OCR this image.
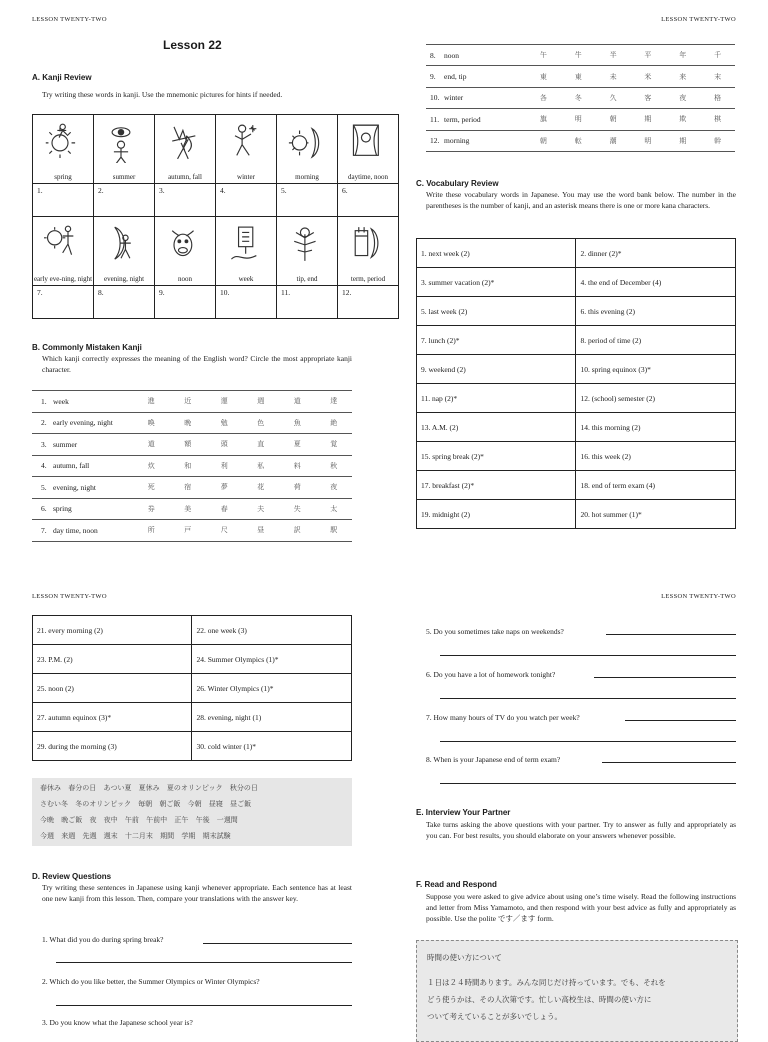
LESSON TWENTY-TWO
Lesson 22
A. Kanji Review
Try writing these words in kanji. Use the mnemonic pictures for hints if needed.
spring	summer	autumn, fall	winter	morning	daytime, noon

1.	2.	3.	4.	5.	6.

early eve-ning, night	evening, night	noon	week	tip, end	term, period

7.	8.	9.	10.	11.	12.
B. Commonly Mistaken Kanji
Which kanji correctly expresses the meaning of the English word? Circle the most appropriate kanji character.
1.	week	進	近	運	週	道	達
2.	early evening, night	喚	晩	勉	色	魚	絶
3.	summer	道	額	頭	直	夏	覚
4.	autumn, fall	炊	和	利	私	料	秋
5.	evening, night	死	宿	夢	花	荷	夜
6.	spring	券	美	春	夫	失	太
7.	day time, noon	所	戸	尺	昼	訳	駅
LESSON TWENTY-TWO
8.	noon	午	牛	半	平	年	千
9.	end, tip	東	東	未	米	来	末
10.	winter	各	冬	久	客	夜	格
11.	term, period	旗	明	朝	期	欺	棋
12.	morning	朝	転	潮	明	期	幹
C. Vocabulary Review
Write these vocabulary words in Japanese. You may use the word bank below. The number in the parentheses is the number of kanji, and an asterisk means there is one or more kana characters.
1. next week (2)	2. dinner (2)*
3. summer vacation (2)*	4. the end of December (4)
5. last week (2)	6. this evening (2)
7. lunch (2)*	8. period of time (2)
9. weekend (2)	10. spring equinox (3)*
11. nap (2)*	12. (school) semester (2)
13. A.M. (2)	14. this morning (2)
15. spring break (2)*	16. this week (2)
17. breakfast (2)*	18. end of term exam (4)
19. midnight (2)	20. hot summer (1)*
LESSON TWENTY-TWO
21. every morning (2)	22. one week (3)
23. P.M. (2)	24. Summer Olympics (1)*
25. noon (2)	26. Winter Olympics (1)*
27. autumn equinox (3)*	28. evening, night (1)
29. during the morning (3)	30. cold winter (1)*
春休み 春分の日 あつい夏 夏休み 夏のオリンピック 秋分の日
さむい冬 冬のオリンピック 毎朝 朝ご飯 今朝 昼寝 昼ご飯
今晩 晩ご飯 夜 夜中 午前 午前中 正午 午後 一週間
今週 来週 先週 週末 十二月末 期間 学期 期末試験
D. Review Questions
Try writing these sentences in Japanese using kanji whenever appropriate. Each sentence has at least one new kanji from this lesson. Then, compare your translations with the answer key.
1. What did you do during spring break?
2. Which do you like better, the Summer Olympics or Winter Olympics?
3. Do you know what the Japanese school year is?
LESSON TWENTY-TWO
5. Do you sometimes take naps on weekends?
6. Do you have a lot of homework tonight?
7. How many hours of TV do you watch per week?
8. When is your Japanese end of term exam?
E. Interview Your Partner
Take turns asking the above questions with your partner. Try to answer as fully and appropriately as you can. For best results, you should elaborate on your answers whenever possible.
F. Read and Respond
Suppose you were asked to give advice about using one’s time wisely. Read the following instructions and letter from Miss Yamamoto, and then respond with your best advice as fully and appropriately as possible. Use the polite です／ます form.
時間の使い方について
１日は２４時間あります。みんな同じだけ持っています。でも、それを
どう使うかは、その人次第です。忙しい高校生は、時間の使い方に
ついて考えていることが多いでしょう。
